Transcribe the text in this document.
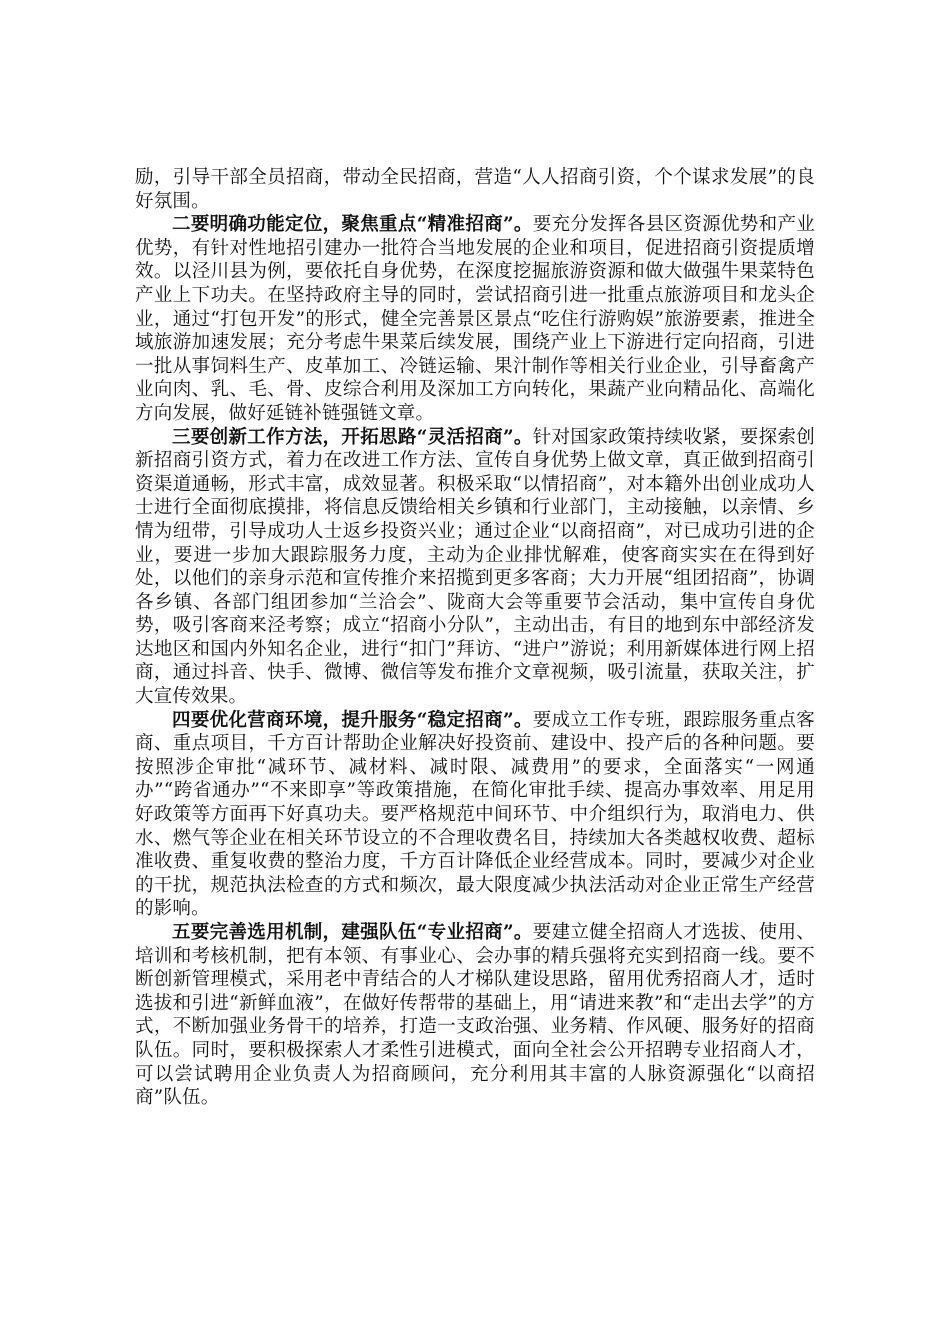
励，引导干部全员招商，带动全民招商，营造“人人招商引资，个个谋求发展”的良好氛围。

二要明确功能定位，聚焦重点“精准招商”。要充分发挥各县区资源优势和产业优势，有针对性地招引建办一批符合当地发展的企业和项目，促进招商引资提质增效。以泾川县为例，要依托自身优势，在深度挖掘旅游资源和做大做强牛果菜特色产业上下功夫。在坚持政府主导的同时，尝试招商引进一批重点旅游项目和龙头企业，通过“打包开发”的形式，健全完善景区景点“吃住行游购娱”旅游要素，推进全域旅游加速发展；充分考虑牛果菜后续发展，围绕产业上下游进行定向招商，引进一批从事饲料生产、皮革加工、冷链运输、果汁制作等相关行业企业，引导畜禽产业向肉、乳、毛、骨、皮综合利用及深加工方向转化，果蔬产业向精品化、高端化方向发展，做好延链补链强链文章。

三要创新工作方法，开拓思路“灵活招商”。针对国家政策持续收紧，要探索创新招商引资方式，着力在改进工作方法、宣传自身优势上做文章，真正做到招商引资渠道通畅，形式丰富，成效显著。积极采取“以情招商”，对本籍外出创业成功人士进行全面彻底摸排，将信息反馈给相关乡镇和行业部门，主动接触，以亲情、乡情为纽带，引导成功人士返乡投资兴业；通过企业“以商招商”，对已成功引进的企业，要进一步加大跟踪服务力度，主动为企业排忧解难，使客商实实在在得到好处，以他们的亲身示范和宣传推介来招揽到更多客商；大力开展“组团招商”，协调各乡镇、各部门组团参加“兰洽会”、陇商大会等重要节会活动，集中宣传自身优势，吸引客商来泾考察；成立“招商小分队”，主动出击，有目的地到东中部经济发达地区和国内外知名企业，进行“扣门”拜访、“进户”游说；利用新媒体进行网上招商，通过抖音、快手、微博、微信等发布推介文章视频，吸引流量，获取关注，扩大宣传效果。

四要优化营商环境，提升服务“稳定招商”。要成立工作专班，跟踪服务重点客商、重点项目，千方百计帮助企业解决好投资前、建设中、投产后的各种问题。要按照涉企审批“减环节、减材料、减时限、减费用”的要求，全面落实“一网通办”“跨省通办”“不来即享”等政策措施，在简化审批手续、提高办事效率、用足用好政策等方面再下好真功夫。要严格规范中间环节、中介组织行为，取消电力、供水、燃气等企业在相关环节设立的不合理收费名目，持续加大各类越权收费、超标准收费、重复收费的整治力度，千方百计降低企业经营成本。同时，要减少对企业的干扰，规范执法检查的方式和频次，最大限度减少执法活动对企业正常生产经营的影响。

五要完善选用机制，建强队伍“专业招商”。要建立健全招商人才选拔、使用、培训和考核机制，把有本领、有事业心、会办事的精兵强将充实到招商一线。要不断创新管理模式，采用老中青结合的人才梯队建设思路，留用优秀招商人才，适时选拔和引进“新鲜血液”，在做好传帮带的基础上，用“请进来教”和“走出去学”的方式，不断加强业务骨干的培养，打造一支政治强、业务精、作风硬、服务好的招商队伍。同时，要积极探索人才柔性引进模式，面向全社会公开招聘专业招商人才，可以尝试聘用企业负责人为招商顾问，充分利用其丰富的人脉资源强化“以商招商”队伍。
